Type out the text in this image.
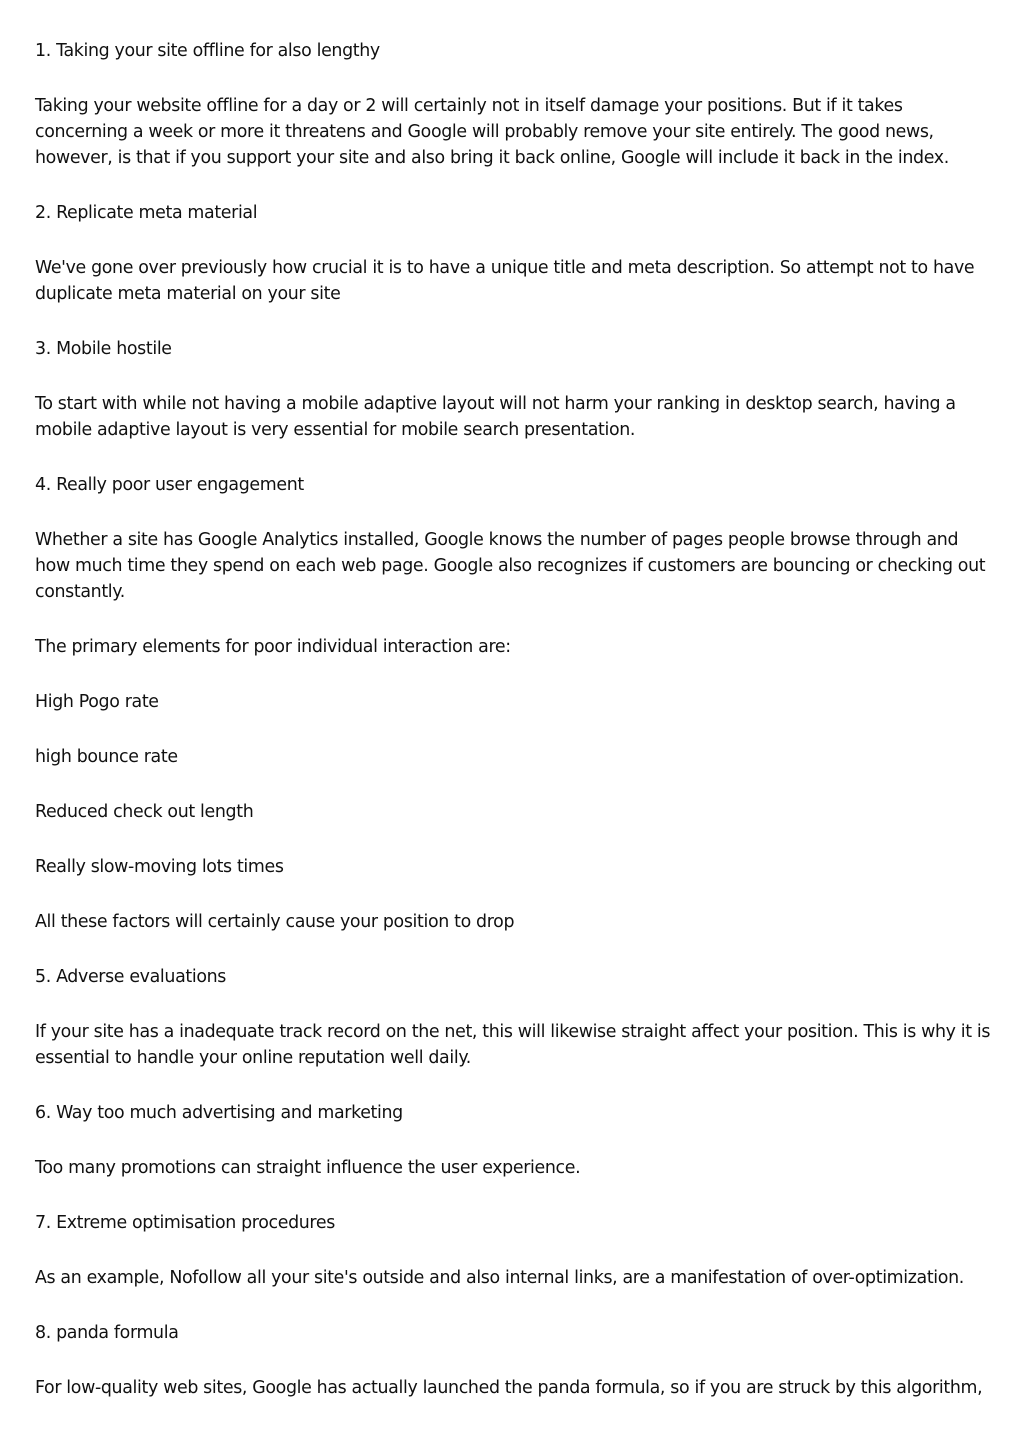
1. Taking your site offline for also lengthy

Taking your website offline for a day or 2 will certainly not in itself damage your positions. But if it takes concerning a week or more it threatens and Google will probably remove your site entirely. The good news, however, is that if you support your site and also bring it back online, Google will include it back in the index.

2. Replicate meta material

We've gone over previously how crucial it is to have a unique title and meta description. So attempt not to have duplicate meta material on your site

3. Mobile hostile

To start with while not having a mobile adaptive layout will not harm your ranking in desktop search, having a mobile adaptive layout is very essential for mobile search presentation.

4. Really poor user engagement

Whether a site has Google Analytics installed, Google knows the number of pages people browse through and how much time they spend on each web page. Google also recognizes if customers are bouncing or checking out constantly.

The primary elements for poor individual interaction are:

High Pogo rate

high bounce rate

Reduced check out length

Really slow-moving lots times

All these factors will certainly cause your position to drop

5. Adverse evaluations

If your site has a inadequate track record on the net, this will likewise straight affect your position. This is why it is essential to handle your online reputation well daily.

6. Way too much advertising and marketing

Too many promotions can straight influence the user experience.

7. Extreme optimisation procedures

As an example, Nofollow all your site's outside and also internal links, are a manifestation of over-optimization.

8. panda formula

For low-quality web sites, Google has actually launched the panda formula, so if you are struck by this algorithm,
